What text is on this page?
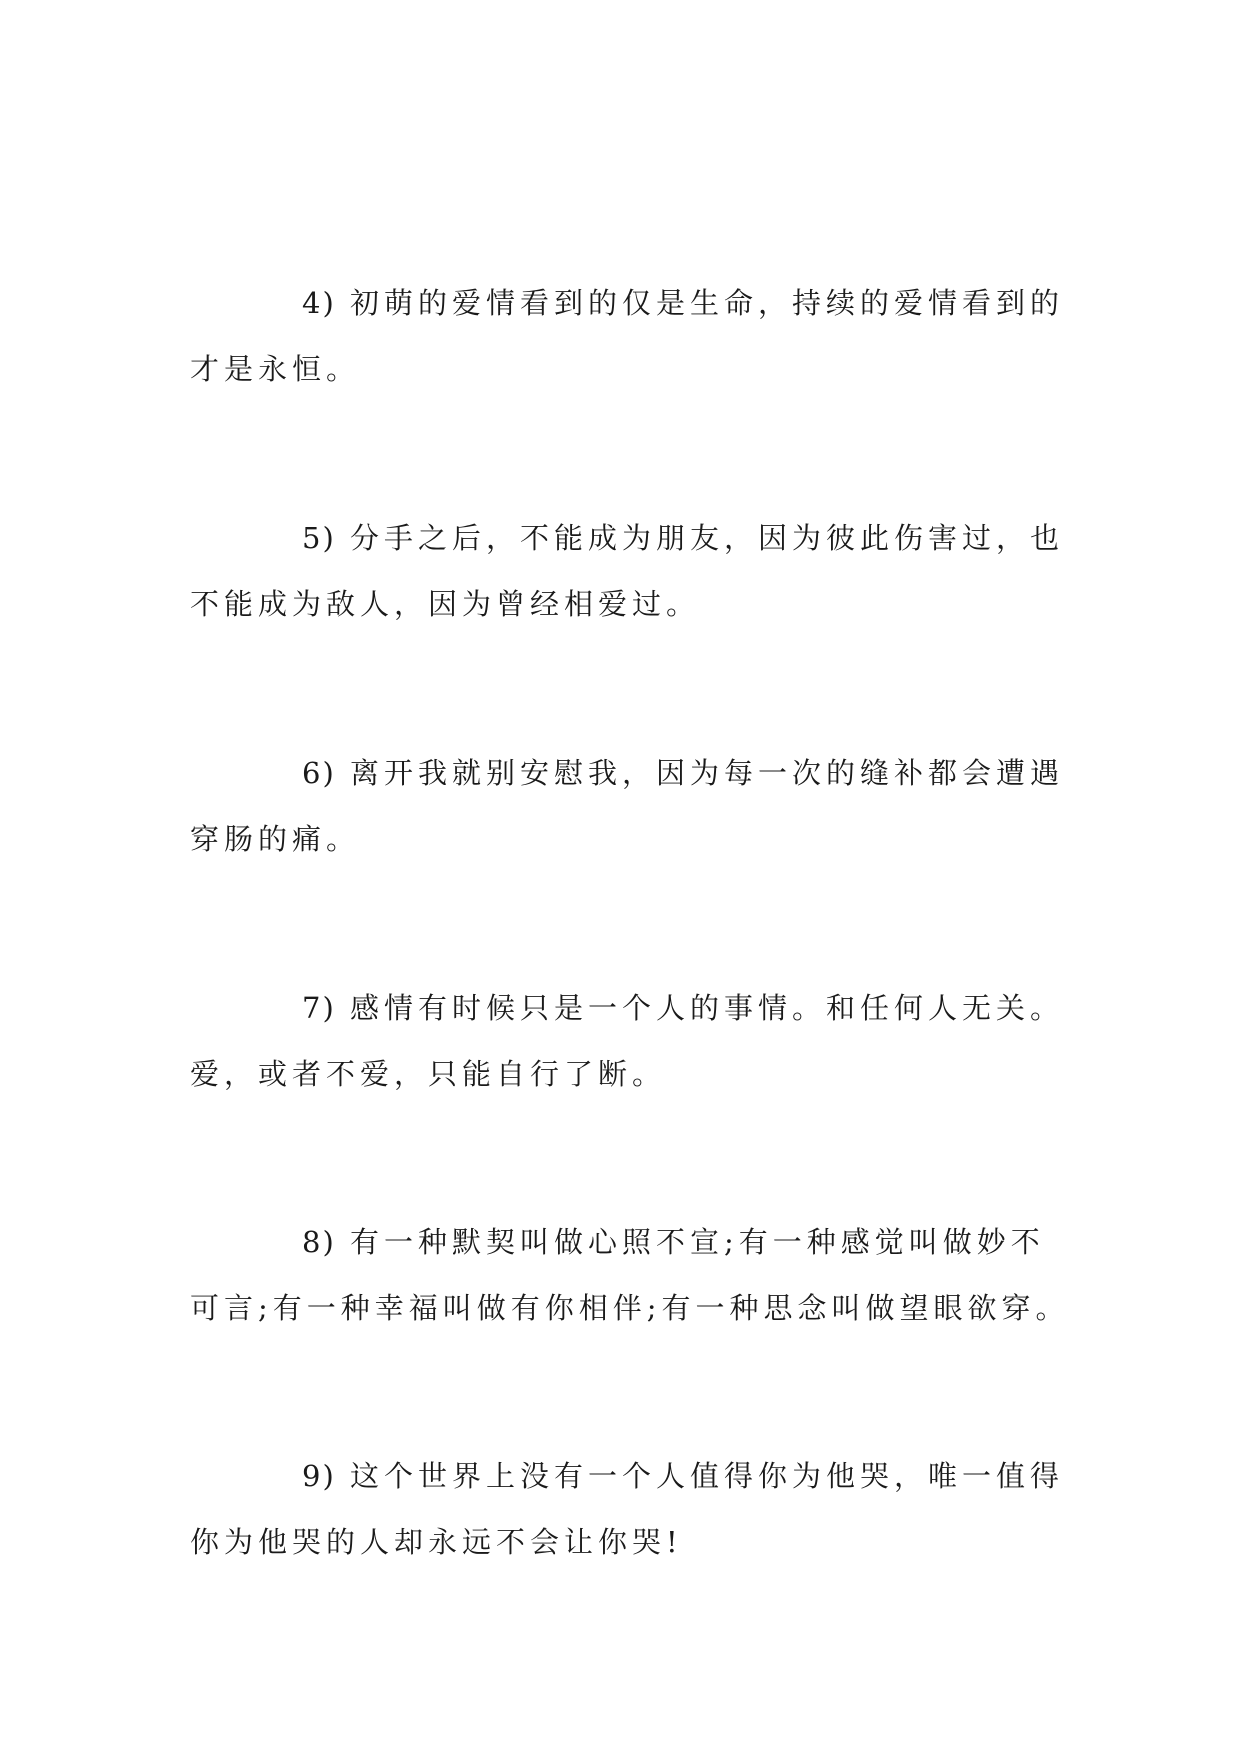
4) 初萌的爱情看到的仅是生命，持续的爱情看到的才是永恒。

5) 分手之后，不能成为朋友，因为彼此伤害过，也不能成为敌人，因为曾经相爱过。

6) 离开我就别安慰我，因为每一次的缝补都会遭遇穿肠的痛。

7) 感情有时候只是一个人的事情。和任何人无关。爱，或者不爱，只能自行了断。

8) 有一种默契叫做心照不宣;有一种感觉叫做妙不可言;有一种幸福叫做有你相伴;有一种思念叫做望眼欲穿。

9) 这个世界上没有一个人值得你为他哭，唯一值得你为他哭的人却永远不会让你哭!
